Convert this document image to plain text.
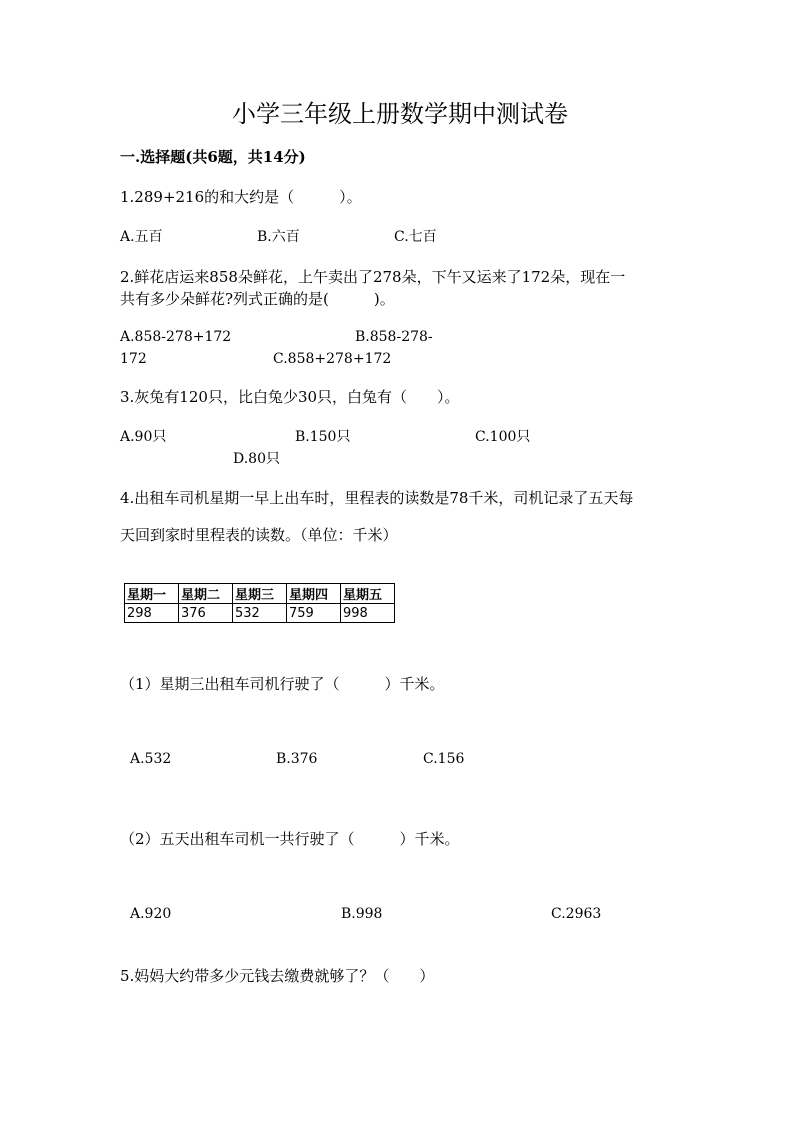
小学三年级上册数学期中测试卷
一.选择题(共6题，共14分)
1.289+216的和大约是（　　　）。
A.五百	B.六百	C.七百
2.鲜花店运来858朵鲜花，上午卖出了278朵，下午又运来了172朵，现在一
共有多少朵鲜花?列式正确的是(　　　)。
A.858-278+172	B.858-278-
172	C.858+278+172
3.灰兔有120只，比白兔少30只，白兔有（　　）。
A.90只	B.150只	C.100只
D.80只
4.出租车司机星期一早上出车时，里程表的读数是78千米，司机记录了五天每
天回到家时里程表的读数。（单位：千米）
星期一	星期二	星期三	星期四	星期五
298	376	532	759	998
（1）星期三出租车司机行驶了（　　　）千米。
A.532	B.376	C.156
（2）五天出租车司机一共行驶了（　　　）千米。
A.920	B.998	C.2963
5.妈妈大约带多少元钱去缴费就够了？（　　）
